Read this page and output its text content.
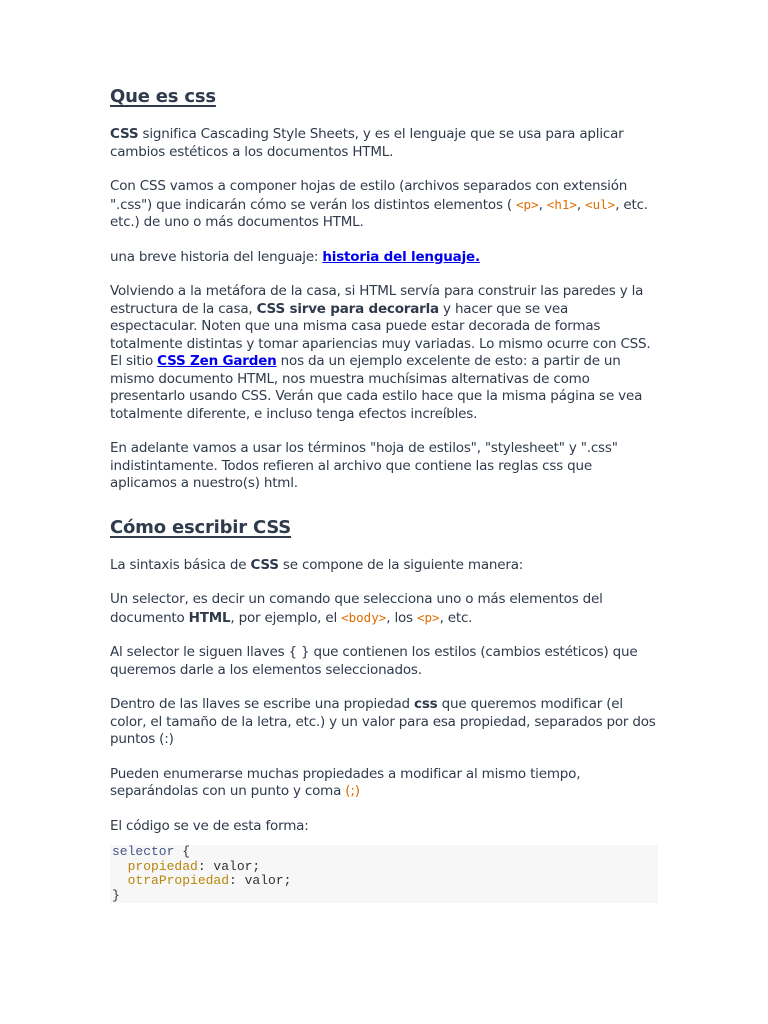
Que es css

CSS significa Cascading Style Sheets, y es el lenguaje que se usa para aplicar cambios estéticos a los documentos HTML.

Con CSS vamos a componer hojas de estilo (archivos separados con extensión ".css") que indicarán cómo se verán los distintos elementos ( <p>, <h1>, <ul>, etc. etc.) de uno o más documentos HTML.

una breve historia del lenguaje: historia del lenguaje.

Volviendo a la metáfora de la casa, si HTML servía para construir las paredes y la estructura de la casa, CSS sirve para decorarla y hacer que se vea espectacular. Noten que una misma casa puede estar decorada de formas totalmente distintas y tomar apariencias muy variadas. Lo mismo ocurre con CSS. El sitio CSS Zen Garden nos da un ejemplo excelente de esto: a partir de un mismo documento HTML, nos muestra muchísimas alternativas de como presentarlo usando CSS. Verán que cada estilo hace que la misma página se vea totalmente diferente, e incluso tenga efectos increíbles.

En adelante vamos a usar los términos "hoja de estilos", "stylesheet" y ".css" indistintamente. Todos refieren al archivo que contiene las reglas css que aplicamos a nuestro(s) html.

Cómo escribir CSS

La sintaxis básica de CSS se compone de la siguiente manera:

Un selector, es decir un comando que selecciona uno o más elementos del documento HTML, por ejemplo, el <body>, los <p>, etc.

Al selector le siguen llaves { } que contienen los estilos (cambios estéticos) que queremos darle a los elementos seleccionados.

Dentro de las llaves se escribe una propiedad css que queremos modificar (el color, el tamaño de la letra, etc.) y un valor para esa propiedad, separados por dos puntos (:)

Pueden enumerarse muchas propiedades a modificar al mismo tiempo, separándolas con un punto y coma (;)

El código se ve de esta forma:

selector {
propiedad: valor;
otraPropiedad: valor;
}
